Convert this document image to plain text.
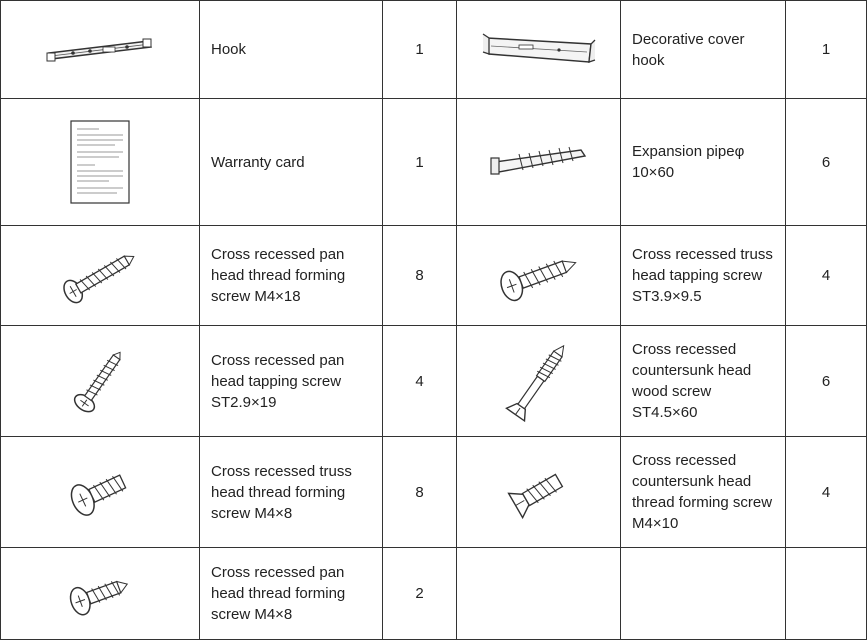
Hook	1		Decorative cover
hook	1

Warranty card	1		Expansion pipeφ
10×60	6

Cross recessed pan
head thread forming
screw M4×18	8		Cross recessed truss
head tapping screw
ST3.9×9.5	4

Cross recessed pan
head tapping screw
ST2.9×19	4		Cross recessed
countersunk head
wood screw
ST4.5×60	6

Cross recessed truss
head thread forming
screw M4×8	8		Cross recessed
countersunk head
thread forming screw
M4×10	4

Cross recessed pan
head thread forming
screw M4×8	2			
